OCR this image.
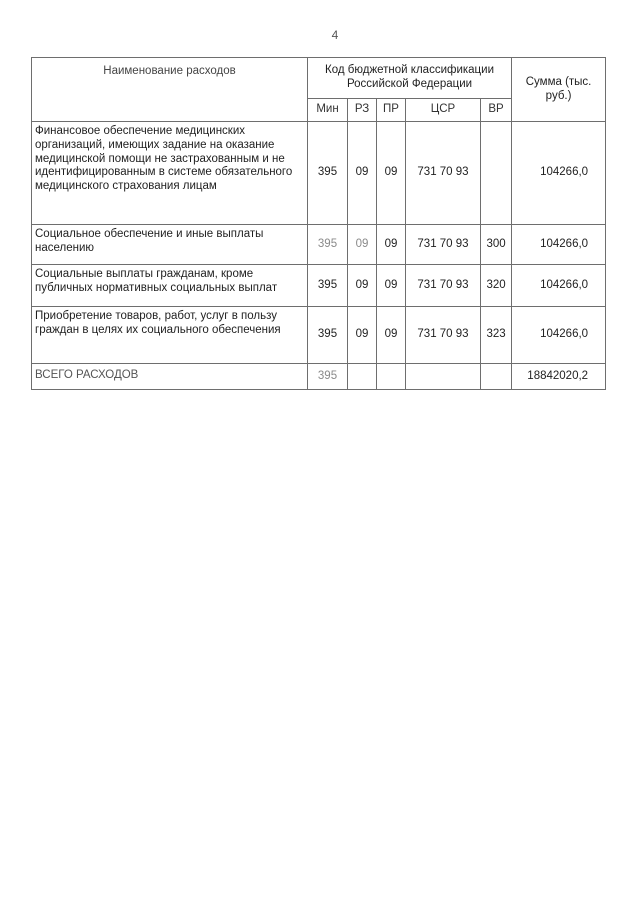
4
Наименование расходов	Код бюджетной классификации Российской Федерации					Сумма (тыс. руб.)
	Мин	РЗ	ПР	ЦСР	ВР	
Финансовое обеспечение медицинских организаций, имеющих задание на оказание медицинской помощи не застрахованным и не идентифицированным в системе обязательного медицинского страхования лицам	395	09	09	731 70 93		104266,0
Социальное обеспечение и иные выплаты населению	395	09	09	731 70 93	300	104266,0
Социальные выплаты гражданам, кроме публичных нормативных социальных выплат	395	09	09	731 70 93	320	104266,0
Приобретение товаров, работ, услуг в пользу граждан в целях их социального обеспечения	395	09	09	731 70 93	323	104266,0
ВСЕГО РАСХОДОВ	395					18842020,2
